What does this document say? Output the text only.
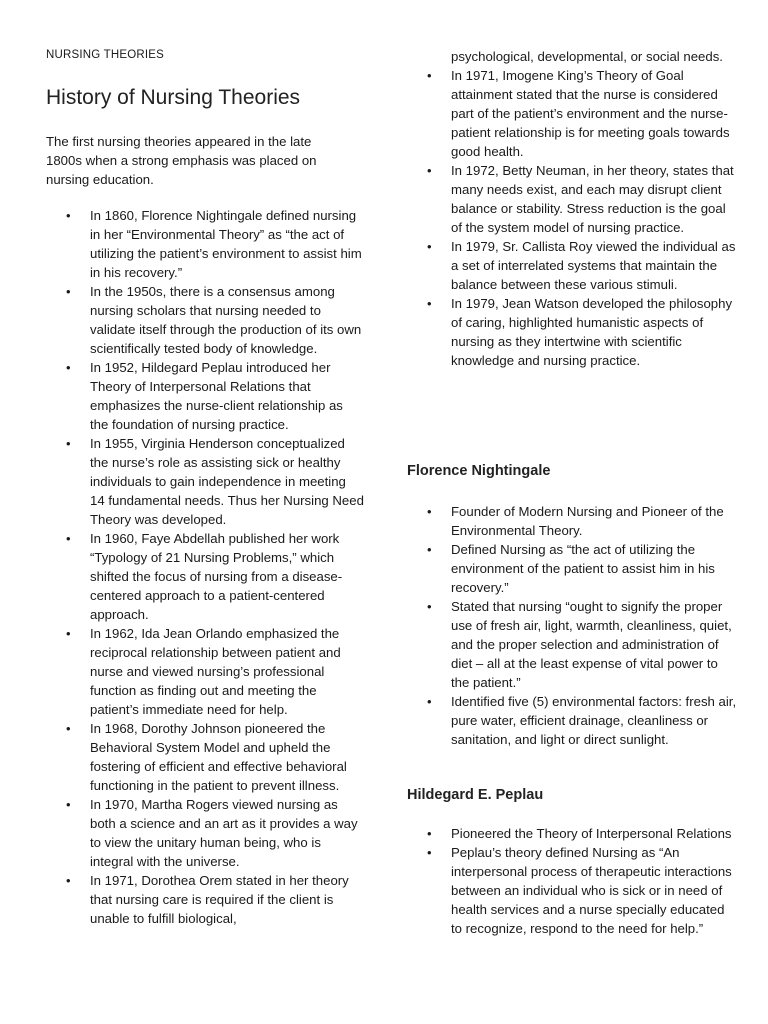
NURSING THEORIES
History of Nursing Theories

The first nursing theories appeared in the late 1800s when a strong emphasis was placed on nursing education.

• In 1860, Florence Nightingale defined nursing in her “Environmental Theory” as “the act of utilizing the patient’s environment to assist him in his recovery.”
• In the 1950s, there is a consensus among nursing scholars that nursing needed to validate itself through the production of its own scientifically tested body of knowledge.
• In 1952, Hildegard Peplau introduced her Theory of Interpersonal Relations that emphasizes the nurse-client relationship as the foundation of nursing practice.
• In 1955, Virginia Henderson conceptualized the nurse’s role as assisting sick or healthy individuals to gain independence in meeting 14 fundamental needs. Thus her Nursing Need Theory was developed.
• In 1960, Faye Abdellah published her work “Typology of 21 Nursing Problems,” which shifted the focus of nursing from a disease-centered approach to a patient-centered approach.
• In 1962, Ida Jean Orlando emphasized the reciprocal relationship between patient and nurse and viewed nursing’s professional function as finding out and meeting the patient’s immediate need for help.
• In 1968, Dorothy Johnson pioneered the Behavioral System Model and upheld the fostering of efficient and effective behavioral functioning in the patient to prevent illness.
• In 1970, Martha Rogers viewed nursing as both a science and an art as it provides a way to view the unitary human being, who is integral with the universe.
• In 1971, Dorothea Orem stated in her theory that nursing care is required if the client is unable to fulfill biological,
psychological, developmental, or social needs.
• In 1971, Imogene King’s Theory of Goal attainment stated that the nurse is considered part of the patient’s environment and the nurse-patient relationship is for meeting goals towards good health.
• In 1972, Betty Neuman, in her theory, states that many needs exist, and each may disrupt client balance or stability. Stress reduction is the goal of the system model of nursing practice.
• In 1979, Sr. Callista Roy viewed the individual as a set of interrelated systems that maintain the balance between these various stimuli.
• In 1979, Jean Watson developed the philosophy of caring, highlighted humanistic aspects of nursing as they intertwine with scientific knowledge and nursing practice.
Florence Nightingale
• Founder of Modern Nursing and Pioneer of the Environmental Theory.
• Defined Nursing as “the act of utilizing the environment of the patient to assist him in his recovery.”
• Stated that nursing “ought to signify the proper use of fresh air, light, warmth, cleanliness, quiet, and the proper selection and administration of diet – all at the least expense of vital power to the patient.”
• Identified five (5) environmental factors: fresh air, pure water, efficient drainage, cleanliness or sanitation, and light or direct sunlight.
Hildegard E. Peplau
• Pioneered the Theory of Interpersonal Relations
• Peplau’s theory defined Nursing as “An interpersonal process of therapeutic interactions between an individual who is sick or in need of health services and a nurse specially educated to recognize, respond to the need for help.”
